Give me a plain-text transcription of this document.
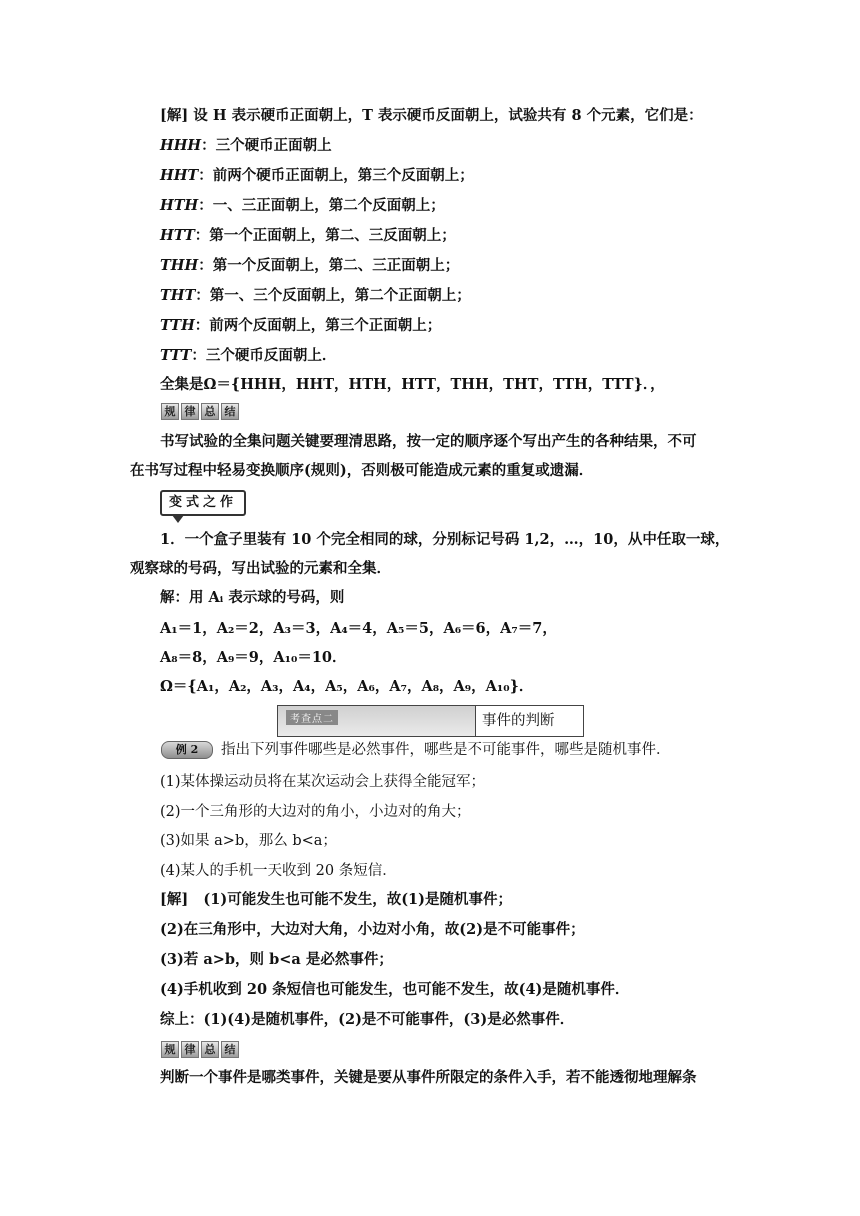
[解] 设 H 表示硬币正面朝上，T 表示硬币反面朝上，试验共有 8 个元素，它们是：
HHH：三个硬币正面朝上
HHT：前两个硬币正面朝上，第三个反面朝上；
HTH：一、三正面朝上，第二个反面朝上；
HTT：第一个正面朝上，第二、三反面朝上；
THH：第一个反面朝上，第二、三正面朝上；
THT：第一、三个反面朝上，第二个正面朝上；
TTH：前两个反面朝上，第三个正面朝上；
TTT：三个硬币反面朝上．
全集是Ω＝{HHH，HHT，HTH，HTT，THH，THT，TTH，TTT}．，
规 律 总 结
书写试验的全集问题关键要理清思路，按一定的顺序逐个写出产生的各种结果，不可
在书写过程中轻易变换顺序(规则)，否则极可能造成元素的重复或遗漏．
变式之作
1．一个盒子里装有 10 个完全相同的球，分别标记号码 1,2，…，10，从中任取一球，
观察球的号码，写出试验的元素和全集．
解：用 Aᵢ 表示球的号码，则
A₁＝1，A₂＝2，A₃＝3，A₄＝4，A₅＝5，A₆＝6，A₇＝7，
A₈＝8，A₉＝9，A₁₀＝10．
Ω＝{A₁，A₂，A₃，A₄，A₅，A₆，A₇，A₈，A₉，A₁₀}．
考查点二	事件的判断
例 2	指出下列事件哪些是必然事件，哪些是不可能事件，哪些是随机事件．
(1)某体操运动员将在某次运动会上获得全能冠军；
(2)一个三角形的大边对的角小，小边对的角大；
(3)如果 a>b，那么 b<a；
(4)某人的手机一天收到 20 条短信．
[解] (1)可能发生也可能不发生，故(1)是随机事件；
(2)在三角形中，大边对大角，小边对小角，故(2)是不可能事件；
(3)若 a>b，则 b<a 是必然事件；
(4)手机收到 20 条短信也可能发生，也可能不发生，故(4)是随机事件．
综上：(1)(4)是随机事件，(2)是不可能事件，(3)是必然事件．
规 律 总 结
判断一个事件是哪类事件，关键是要从事件所限定的条件入手，若不能透彻地理解条
